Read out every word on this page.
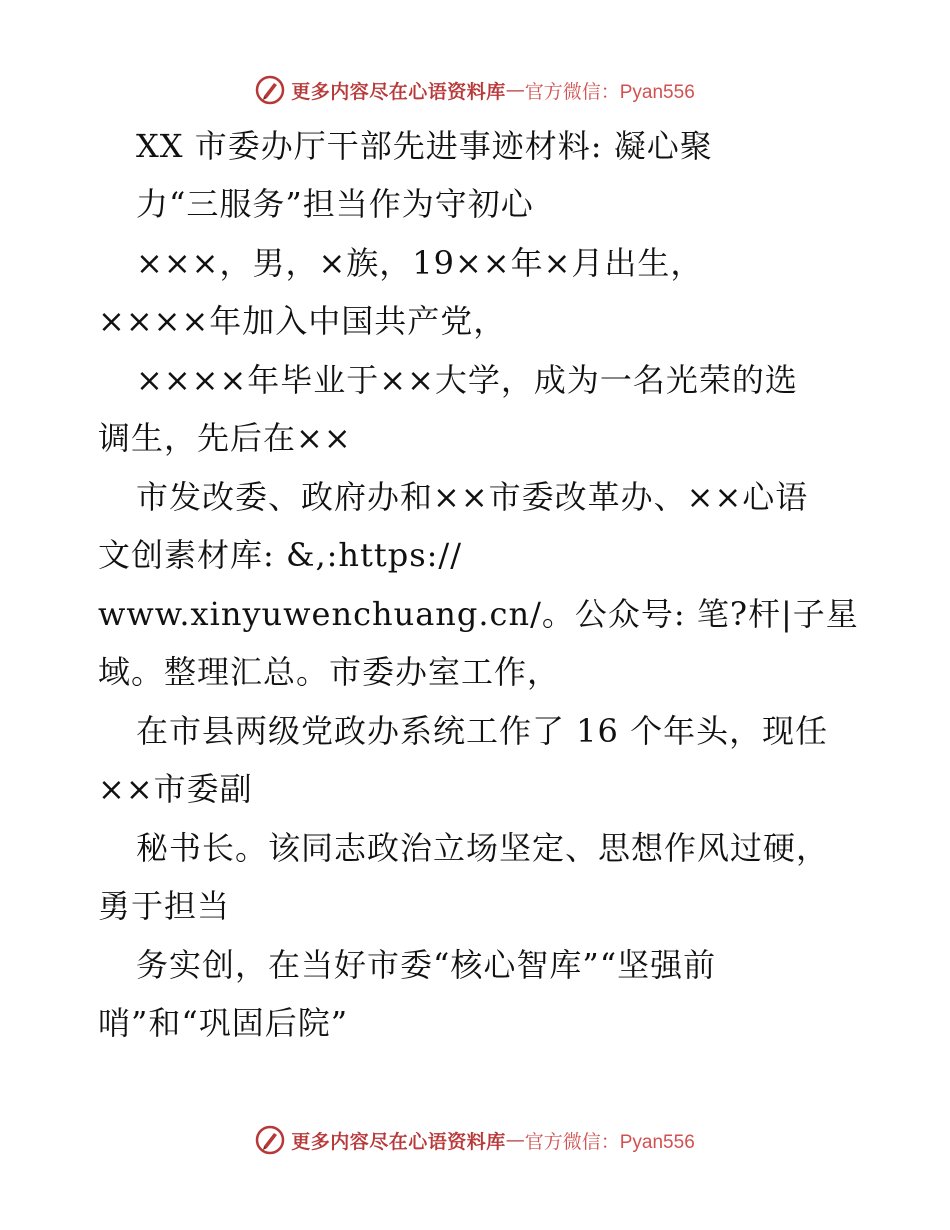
更多内容尽在心语资料库 — 官方微信：Pyan556
XX 市委办厅干部先进事迹材料: 凝心聚
力“三服务”担当作为守初心
×××，男，×族，19××年×月出生，
××××年加入中国共产党，
××××年毕业于××大学，成为一名光荣的选
调生，先后在××
市发改委、政府办和××市委改革办、××心语
文创素材库: &,:https://
www.xinyuwenchuang.cn/。公众号: 笔?杆|子星
域。整理汇总。市委办室工作，
在市县两级党政办系统工作了 16 个年头，现任
××市委副
秘书长。该同志政治立场坚定、思想作风过硬，
勇于担当
务实创，在当好市委“核心智库”“坚强前
哨”和“巩固后院”
更多内容尽在心语资料库 — 官方微信：Pyan556
